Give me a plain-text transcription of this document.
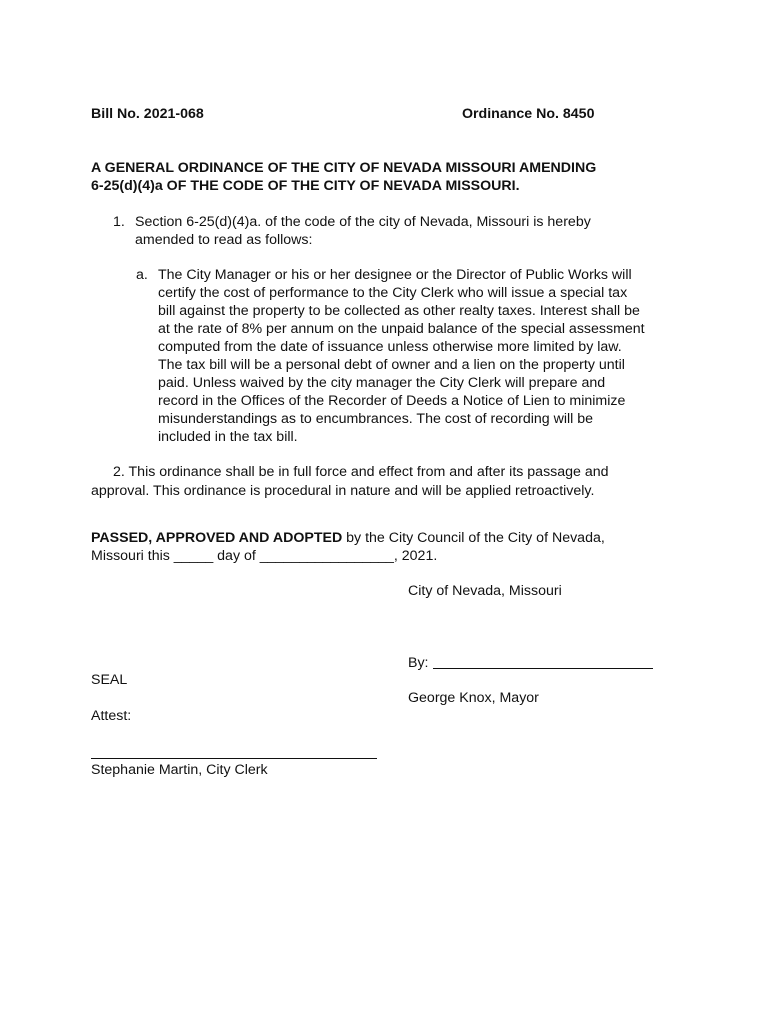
Bill No. 2021-068	Ordinance No. 8450
A GENERAL ORDINANCE OF THE CITY OF NEVADA MISSOURI AMENDING
6-25(d)(4)a OF THE CODE OF THE CITY OF NEVADA MISSOURI.
1. Section 6-25(d)(4)a. of the code of the city of Nevada, Missouri is hereby
amended to read as follows:
a. The City Manager or his or her designee or the Director of Public Works will
certify the cost of performance to the City Clerk who will issue a special tax
bill against the property to be collected as other realty taxes. Interest shall be
at the rate of 8% per annum on the unpaid balance of the special assessment
computed from the date of issuance unless otherwise more limited by law.
The tax bill will be a personal debt of owner and a lien on the property until
paid. Unless waived by the city manager the City Clerk will prepare and
record in the Offices of the Recorder of Deeds a Notice of Lien to minimize
misunderstandings as to encumbrances. The cost of recording will be
included in the tax bill.
2. This ordinance shall be in full force and effect from and after its passage and
approval. This ordinance is procedural in nature and will be applied retroactively.
PASSED, APPROVED AND ADOPTED by the City Council of the City of Nevada,
Missouri this _____ day of _________________, 2021.
City of Nevada, Missouri
By:
SEAL
George Knox, Mayor
Attest:
Stephanie Martin, City Clerk
